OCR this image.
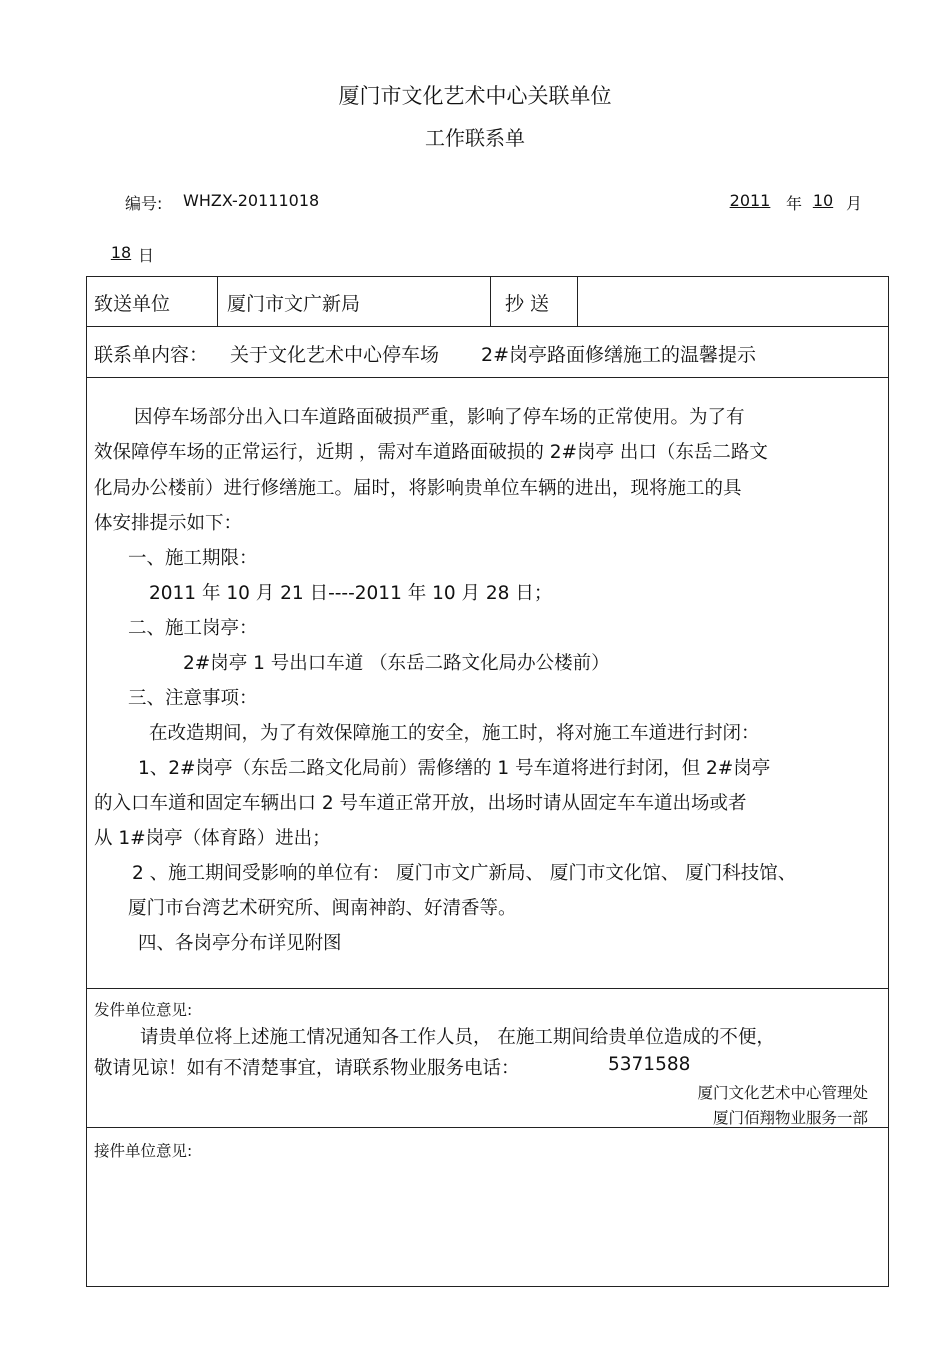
厦门市文化艺术中心关联单位
工作联系单
编号: WHZX-20111018	2011 年 10 月
18 日
致送单位	厦门市文广新局	抄 送
联系单内容： 关于文化艺术中心停车场 2#岗亭路面修缮施工的温馨提示
因停车场部分出入口车道路面破损严重，影响了停车场的正常使用。为了有
效保障停车场的正常运行，近期 ，需对车道路面破损的 2#岗亭 出口（东岳二路文
化局办公楼前）进行修缮施工。届时，将影响贵单位车辆的进出，现将施工的具
体安排提示如下：
一、施工期限：
2011 年 10 月 21 日----2011 年 10 月 28 日；
二、施工岗亭：
2#岗亭 1 号出口车道 （东岳二路文化局办公楼前）
三、注意事项：
在改造期间，为了有效保障施工的安全，施工时，将对施工车道进行封闭：
1、2#岗亭（东岳二路文化局前）需修缮的 1 号车道将进行封闭，但 2#岗亭
的入口车道和固定车辆出口 2 号车道正常开放，出场时请从固定车车道出场或者
从 1#岗亭（体育路）进出；
2 、施工期间受影响的单位有： 厦门市文广新局、 厦门市文化馆、 厦门科技馆、
厦门市台湾艺术研究所、闽南神韵、好清香等。
四、各岗亭分布详见附图
发件单位意见:
请贵单位将上述施工情况通知各工作人员， 在施工期间给贵单位造成的不便，
敬请见谅！如有不清楚事宜，请联系物业服务电话：	5371588
厦门文化艺术中心管理处
厦门佰翔物业服务一部
接件单位意见:
